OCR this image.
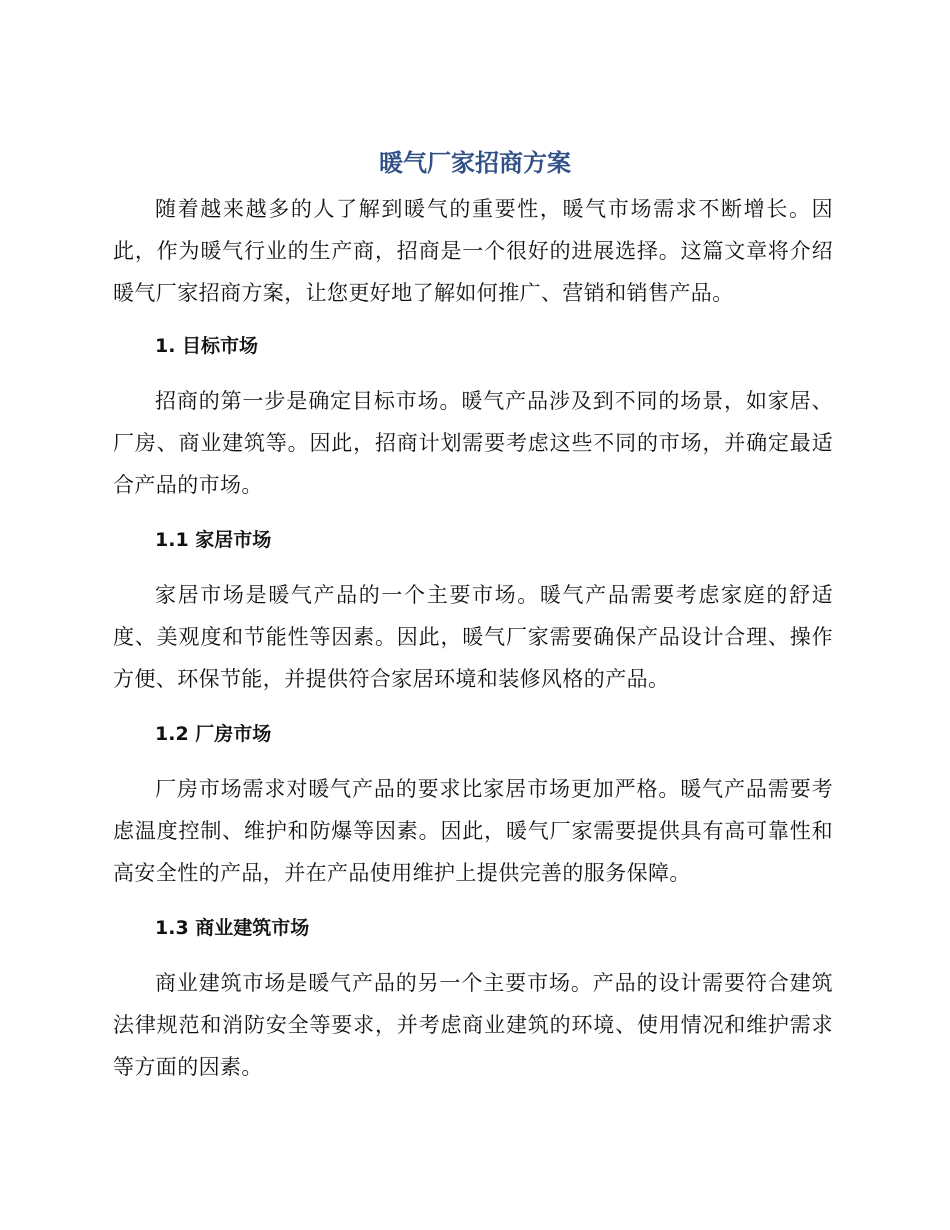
暖气厂家招商方案

随着越来越多的人了解到暖气的重要性，暖气市场需求不断增长。因此，作为暖气行业的生产商，招商是一个很好的进展选择。这篇文章将介绍暖气厂家招商方案，让您更好地了解如何推广、营销和销售产品。

1. 目标市场

招商的第一步是确定目标市场。暖气产品涉及到不同的场景，如家居、厂房、商业建筑等。因此，招商计划需要考虑这些不同的市场，并确定最适合产品的市场。

1.1 家居市场

家居市场是暖气产品的一个主要市场。暖气产品需要考虑家庭的舒适度、美观度和节能性等因素。因此，暖气厂家需要确保产品设计合理、操作方便、环保节能，并提供符合家居环境和装修风格的产品。

1.2 厂房市场

厂房市场需求对暖气产品的要求比家居市场更加严格。暖气产品需要考虑温度控制、维护和防爆等因素。因此，暖气厂家需要提供具有高可靠性和高安全性的产品，并在产品使用维护上提供完善的服务保障。

1.3 商业建筑市场

商业建筑市场是暖气产品的另一个主要市场。产品的设计需要符合建筑法律规范和消防安全等要求，并考虑商业建筑的环境、使用情况和维护需求等方面的因素。
